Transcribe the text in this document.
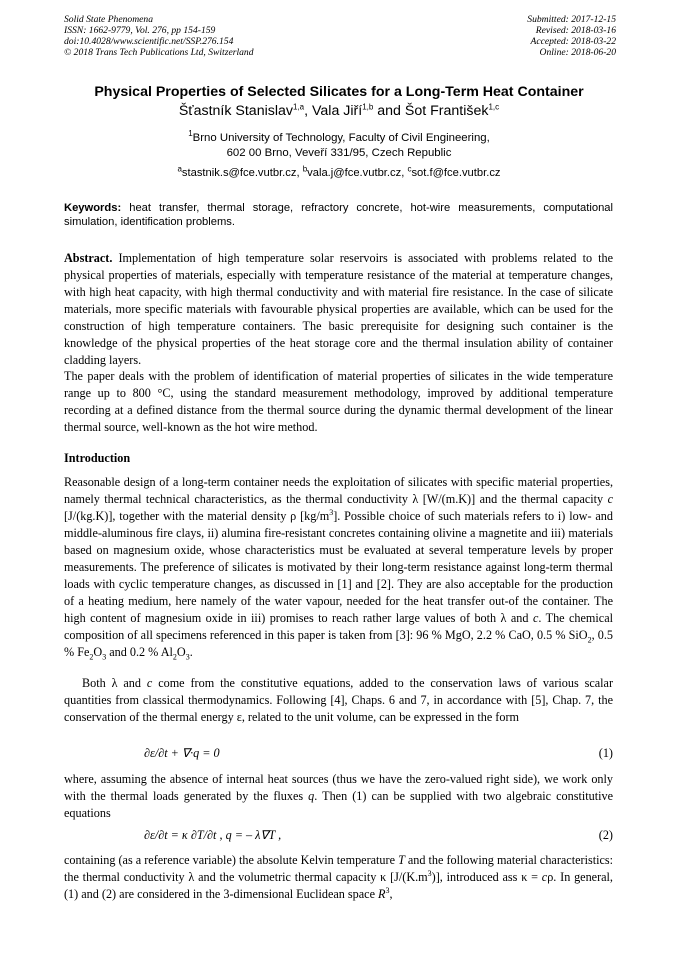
Solid State Phenomena
ISSN: 1662-9779, Vol. 276, pp 154-159
doi:10.4028/www.scientific.net/SSP.276.154
© 2018 Trans Tech Publications Ltd, Switzerland
Submitted: 2017-12-15
Revised: 2018-03-16
Accepted: 2018-03-22
Online: 2018-06-20
Physical Properties of Selected Silicates for a Long-Term Heat Container
Šťastník Stanislav$^{1,a}$, Vala Jiří$^{1,b}$ and Šot František$^{1,c}$
$^1$Brno University of Technology, Faculty of Civil Engineering,
602 00 Brno, Veveří 331/95, Czech Republic
$^a$stastnik.s@fce.vutbr.cz, $^b$vala.j@fce.vutbr.cz, $^c$sot.f@fce.vutbr.cz
Keywords: heat transfer, thermal storage, refractory concrete, hot-wire measurements, computational simulation, identification problems.
Abstract. Implementation of high temperature solar reservoirs is associated with problems related to the physical properties of materials, especially with temperature resistance of the material at temperature changes, with high heat capacity, with high thermal conductivity and with material fire resistance. In the case of silicate materials, more specific materials with favourable physical properties are available, which can be used for the construction of high temperature containers. The basic prerequisite for designing such container is the knowledge of the physical properties of the heat storage core and the thermal insulation ability of container cladding layers.
The paper deals with the problem of identification of material properties of silicates in the wide temperature range up to 800 °C, using the standard measurement methodology, improved by additional temperature recording at a defined distance from the thermal source during the dynamic thermal development of the linear thermal source, well-known as the hot wire method.
Introduction
Reasonable design of a long-term container needs the exploitation of silicates with specific material properties, namely thermal technical characteristics, as the thermal conductivity λ [W/(m.K)] and the thermal capacity c [J/(kg.K)], together with the material density ρ $[kg/m^3]$. Possible choice of such materials refers to i) low- and middle-aluminous fire clays, ii) alumina fire-resistant concretes containing olivine a magnetite and iii) materials based on magnesium oxide, whose characteristics must be evaluated at several temperature levels by proper measurements. The preference of silicates is motivated by their long-term resistance against long-term thermal loads with cyclic temperature changes, as discussed in [1] and [2]. They are also acceptable for the production of a heating medium, here namely of the water vapour, needed for the heat transfer out-of the container. The high content of magnesium oxide in iii) promises to reach rather large values of both λ and c. The chemical composition of all specimens referenced in this paper is taken from [3]: 96 % MgO, 2.2 % CaO, 0.5 % SiO$_2$, 0.5 % $Fe_2O_3$ and 0.2 % $Al_2O_3$.
Both λ and c come from the constitutive equations, added to the conservation laws of various scalar quantities from classical thermodynamics. Following [4], Chaps. 6 and 7, in accordance with [5], Chap. 7, the conservation of the thermal energy ε, related to the unit volume, can be expressed in the form
∂ε/∂t + ∇·q = 0	(1)
where, assuming the absence of internal heat sources (thus we have the zero-valued right side), we work only with the thermal loads generated by the fluxes q. Then (1) can be supplied with two algebraic constitutive equations
∂ε/∂t = κ ∂T/∂t , q = – λ∇T ,	(2)
containing (as a reference variable) the absolute Kelvin temperature T and the following material characteristics: the thermal conductivity λ and the volumetric thermal capacity κ $[J/(K.m^3)]$, introduced ass κ = cρ. In general, (1) and (2) are considered in the 3-dimensional Euclidean space $R^3$,
